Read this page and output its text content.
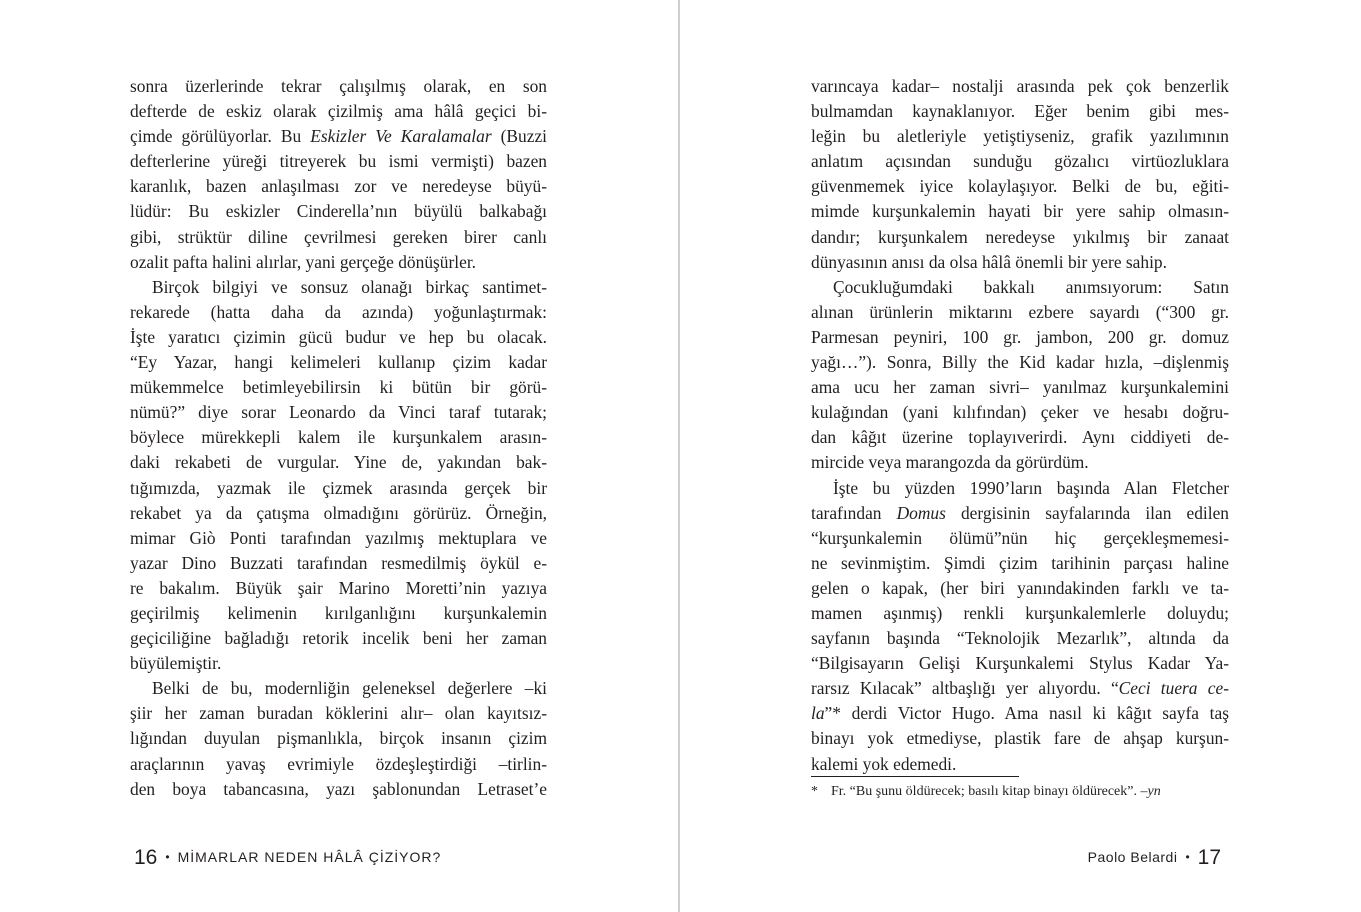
sonra üzerlerinde tekrar çalışılmış olarak, en son
defterde de eskiz olarak çizilmiş ama hâlâ geçici bi-
çimde görülüyorlar. Bu Eskizler Ve Karalamalar (Buzzi
defterlerine yüreği titreyerek bu ismi vermişti) bazen
karanlık, bazen anlaşılması zor ve neredeyse büyü-
lüdür: Bu eskizler Cinderella’nın büyülü balkabağı
gibi, strüktür diline çevrilmesi gereken birer canlı
ozalit pafta halini alırlar, yani gerçeğe dönüşürler.
Birçok bilgiyi ve sonsuz olanağı birkaç santimet-
rekarede (hatta daha da azında) yoğunlaştırmak:
İşte yaratıcı çizimin gücü budur ve hep bu olacak.
“Ey Yazar, hangi kelimeleri kullanıp çizim kadar
mükemmelce betimleyebilirsin ki bütün bir görü-
nümü?” diye sorar Leonardo da Vinci taraf tutarak;
böylece mürekkepli kalem ile kurşunkalem arasın-
daki rekabeti de vurgular. Yine de, yakından bak-
tığımızda, yazmak ile çizmek arasında gerçek bir
rekabet ya da çatışma olmadığını görürüz. Örneğin,
mimar Giò Ponti tarafından yazılmış mektuplara ve
yazar Dino Buzzati tarafından resmedilmiş öykül e-
re bakalım. Büyük şair Marino Moretti’nin yazıya
geçirilmiş kelimenin kırılganlığını kurşunkalemin
geçiciliğine bağladığı retorik incelik beni her zaman
büyülemiştir.
Belki de bu, modernliğin geleneksel değerlere –ki
şiir her zaman buradan köklerini alır– olan kayıtsız-
lığından duyulan pişmanlıkla, birçok insanın çizim
araçlarının yavaş evrimiyle özdeşleştirdiği –tirlin-
den boya tabancasına, yazı şablonundan Letraset’e
16 • MİMARLAR NEDEN HÂLÂ ÇİZİYOR?
varıncaya kadar– nostalji arasında pek çok benzerlik
bulmamdan kaynaklanıyor. Eğer benim gibi mes-
leğin bu aletleriyle yetiştiyseniz, grafik yazılımının
anlatım açısından sunduğu gözalıcı virtüozluklara
güvenmemek iyice kolaylaşıyor. Belki de bu, eğiti-
mimde kurşunkalemin hayati bir yere sahip olmasın-
dandır; kurşunkalem neredeyse yıkılmış bir zanaat
dünyasının anısı da olsa hâlâ önemli bir yere sahip.
Çocukluğumdaki bakkalı anımsıyorum: Satın
alınan ürünlerin miktarını ezbere sayardı (“300 gr.
Parmesan peyniri, 100 gr. jambon, 200 gr. domuz
yağı…”). Sonra, Billy the Kid kadar hızla, –dişlenmiş
ama ucu her zaman sivri– yanılmaz kurşunkalemini
kulağından (yani kılıfından) çeker ve hesabı doğru-
dan kâğıt üzerine toplayıverirdi. Aynı ciddiyeti de-
mircide veya marangozda da görürdüm.
İşte bu yüzden 1990’ların başında Alan Fletcher
tarafından Domus dergisinin sayfalarında ilan edilen
“kurşunkalemin ölümü”nün hiç gerçekleşmemesi-
ne sevinmiştim. Şimdi çizim tarihinin parçası haline
gelen o kapak, (her biri yanındakinden farklı ve ta-
mamen aşınmış) renkli kurşunkalemlerle doluydu;
sayfanın başında “Teknolojik Mezarlık”, altında da
“Bilgisayarın Gelişi Kurşunkalemi Stylus Kadar Ya-
rarsız Kılacak” altbaşlığı yer alıyordu. “Ceci tuera ce-
la”* derdi Victor Hugo. Ama nasıl ki kâğıt sayfa taş
binayı yok etmediyse, plastik fare de ahşap kurşun-
kalemi yok edemedi.
* Fr. “Bu şunu öldürecek; basılı kitap binayı öldürecek”. –yn
Paolo Belardi • 17
